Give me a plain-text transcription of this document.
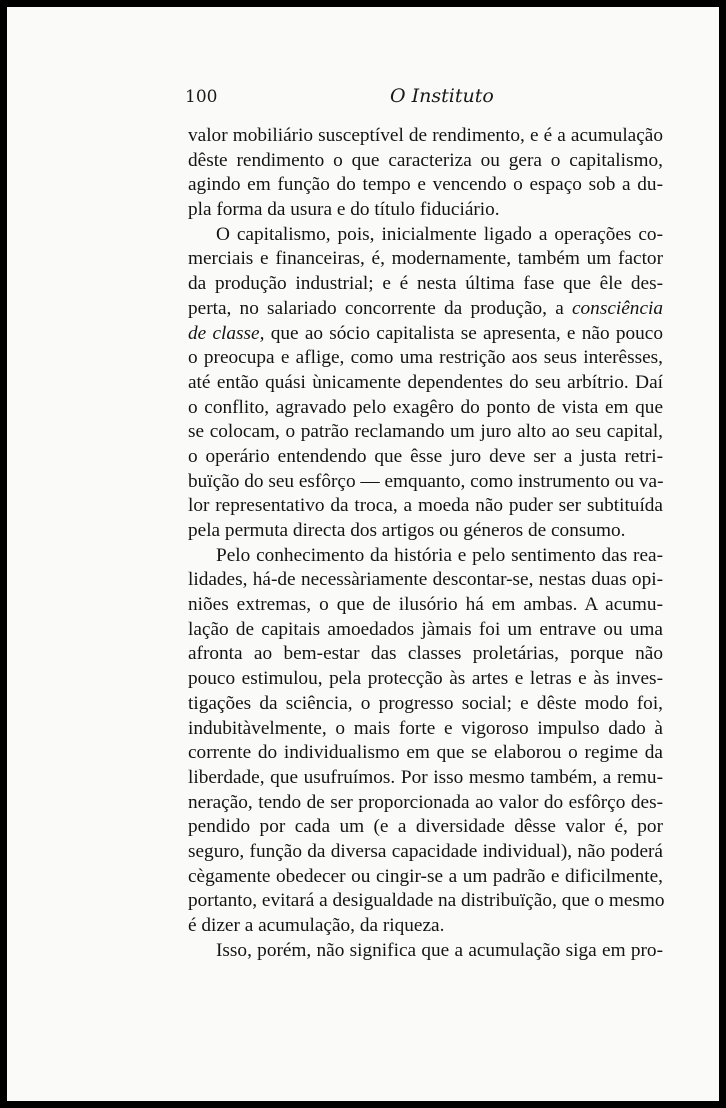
100	O Instituto
valor mobiliário susceptível de rendimento, e é a acumulação
dêste rendimento o que caracteriza ou gera o capitalismo,
agindo em função do tempo e vencendo o espaço sob a du-
pla forma da usura e do título fiduciário.
O capitalismo, pois, inicialmente ligado a operações co-
merciais e financeiras, é, modernamente, também um factor
da produção industrial; e é nesta última fase que êle des-
perta, no salariado concorrente da produção, a consciência
de classe, que ao sócio capitalista se apresenta, e não pouco
o preocupa e aflige, como uma restrição aos seus interêsses,
até então quási ùnicamente dependentes do seu arbítrio. Daí
o conflito, agravado pelo exagêro do ponto de vista em que
se colocam, o patrão reclamando um juro alto ao seu capital,
o operário entendendo que êsse juro deve ser a justa retri-
buïção do seu esfôrço — emquanto, como instrumento ou va-
lor representativo da troca, a moeda não puder ser subtituída
pela permuta directa dos artigos ou géneros de consumo.
Pelo conhecimento da história e pelo sentimento das rea-
lidades, há-de necessàriamente descontar-se, nestas duas opi-
niões extremas, o que de ilusório há em ambas. A acumu-
lação de capitais amoedados jàmais foi um entrave ou uma
afronta ao bem-estar das classes proletárias, porque não
pouco estimulou, pela protecção às artes e letras e às inves-
tigações da sciência, o progresso social; e dêste modo foi,
indubitàvelmente, o mais forte e vigoroso impulso dado à
corrente do individualismo em que se elaborou o regime da
liberdade, que usufruímos. Por isso mesmo também, a remu-
neração, tendo de ser proporcionada ao valor do esfôrço des-
pendido por cada um (e a diversidade dêsse valor é, por
seguro, função da diversa capacidade individual), não poderá
cègamente obedecer ou cingir-se a um padrão e dificilmente,
portanto, evitará a desigualdade na distribuïção, que o mesmo
é dizer a acumulação, da riqueza.
Isso, porém, não significa que a acumulação siga em pro-
